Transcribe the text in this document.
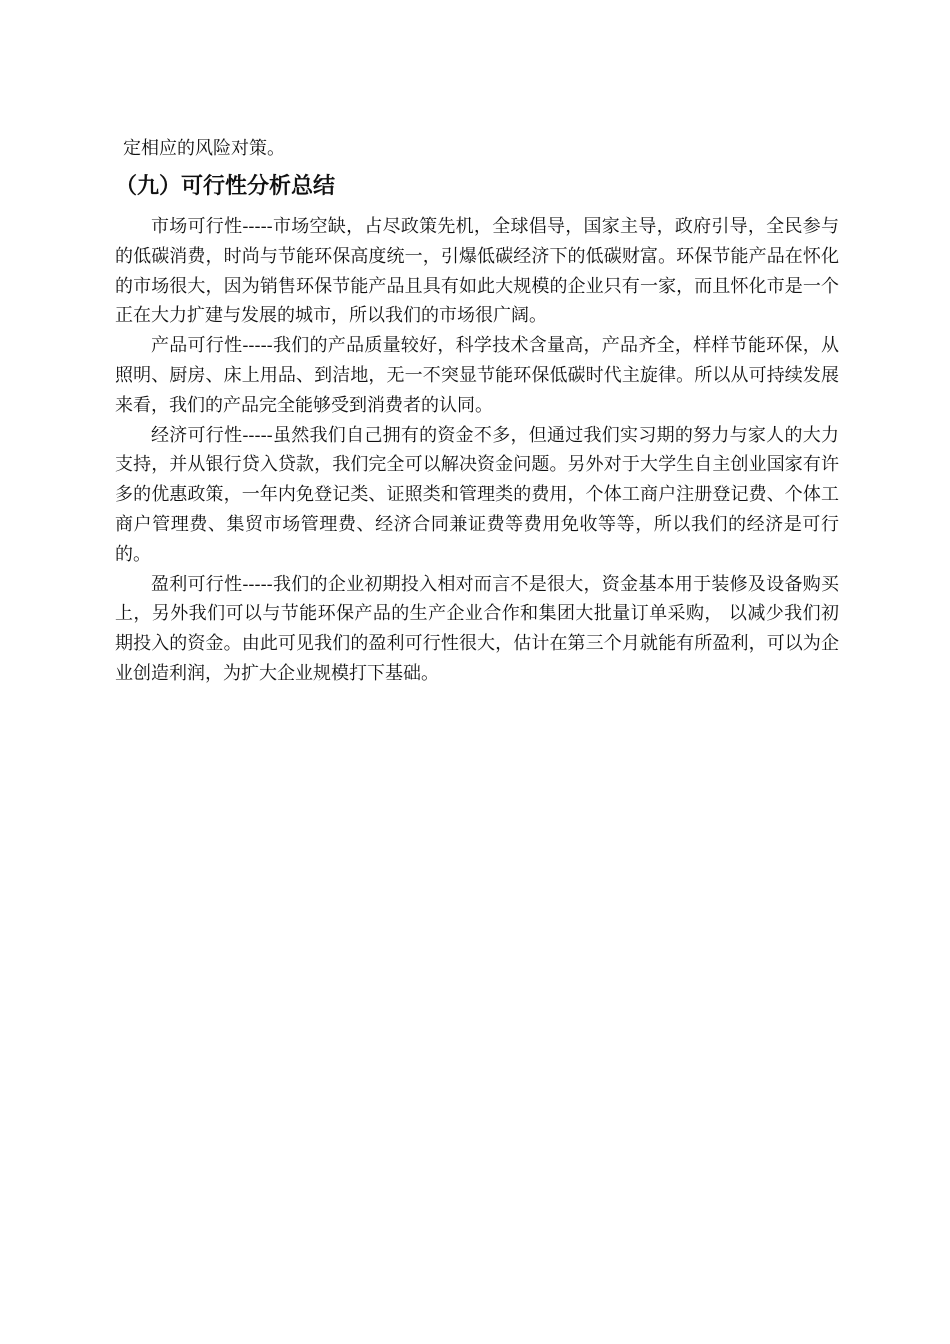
定相应的风险对策。

（九）可行性分析总结

市场可行性-----市场空缺，占尽政策先机，全球倡导，国家主导，政府引导，全民参与的低碳消费，时尚与节能环保高度统一，引爆低碳经济下的低碳财富。环保节能产品在怀化的市场很大，因为销售环保节能产品且具有如此大规模的企业只有一家，而且怀化市是一个正在大力扩建与发展的城市，所以我们的市场很广阔。

产品可行性-----我们的产品质量较好，科学技术含量高，产品齐全，样样节能环保，从照明、厨房、床上用品、到洁地，无一不突显节能环保低碳时代主旋律。所以从可持续发展来看，我们的产品完全能够受到消费者的认同。

经济可行性-----虽然我们自己拥有的资金不多，但通过我们实习期的努力与家人的大力支持，并从银行贷入贷款，我们完全可以解决资金问题。另外对于大学生自主创业国家有许多的优惠政策，一年内免登记类、证照类和管理类的费用，个体工商户注册登记费、个体工商户管理费、集贸市场管理费、经济合同兼证费等费用免收等等，所以我们的经济是可行的。

盈利可行性-----我们的企业初期投入相对而言不是很大，资金基本用于装修及设备购买上，另外我们可以与节能环保产品的生产企业合作和集团大批量订单采购， 以减少我们初期投入的资金。由此可见我们的盈利可行性很大，估计在第三个月就能有所盈利，可以为企业创造利润，为扩大企业规模打下基础。
